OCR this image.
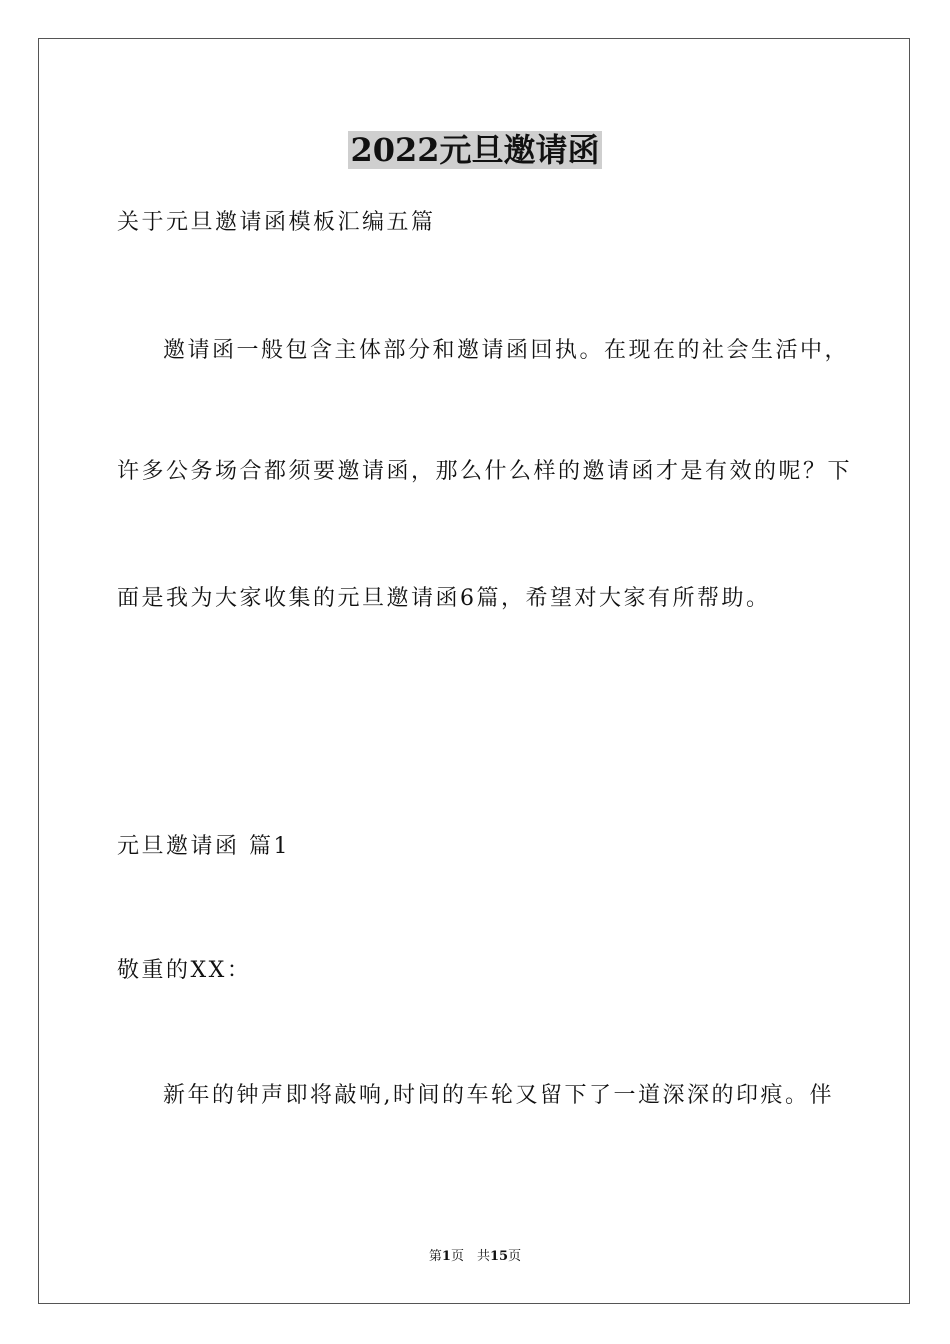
2022元旦邀请函

关于元旦邀请函模板汇编五篇

邀请函一般包含主体部分和邀请函回执。在现在的社会生活中，

许多公务场合都须要邀请函，那么什么样的邀请函才是有效的呢？下

面是我为大家收集的元旦邀请函6篇，希望对大家有所帮助。

元旦邀请函 篇1

敬重的XX：

新年的钟声即将敲响,时间的车轮又留下了一道深深的印痕。伴

第1页　共15页
